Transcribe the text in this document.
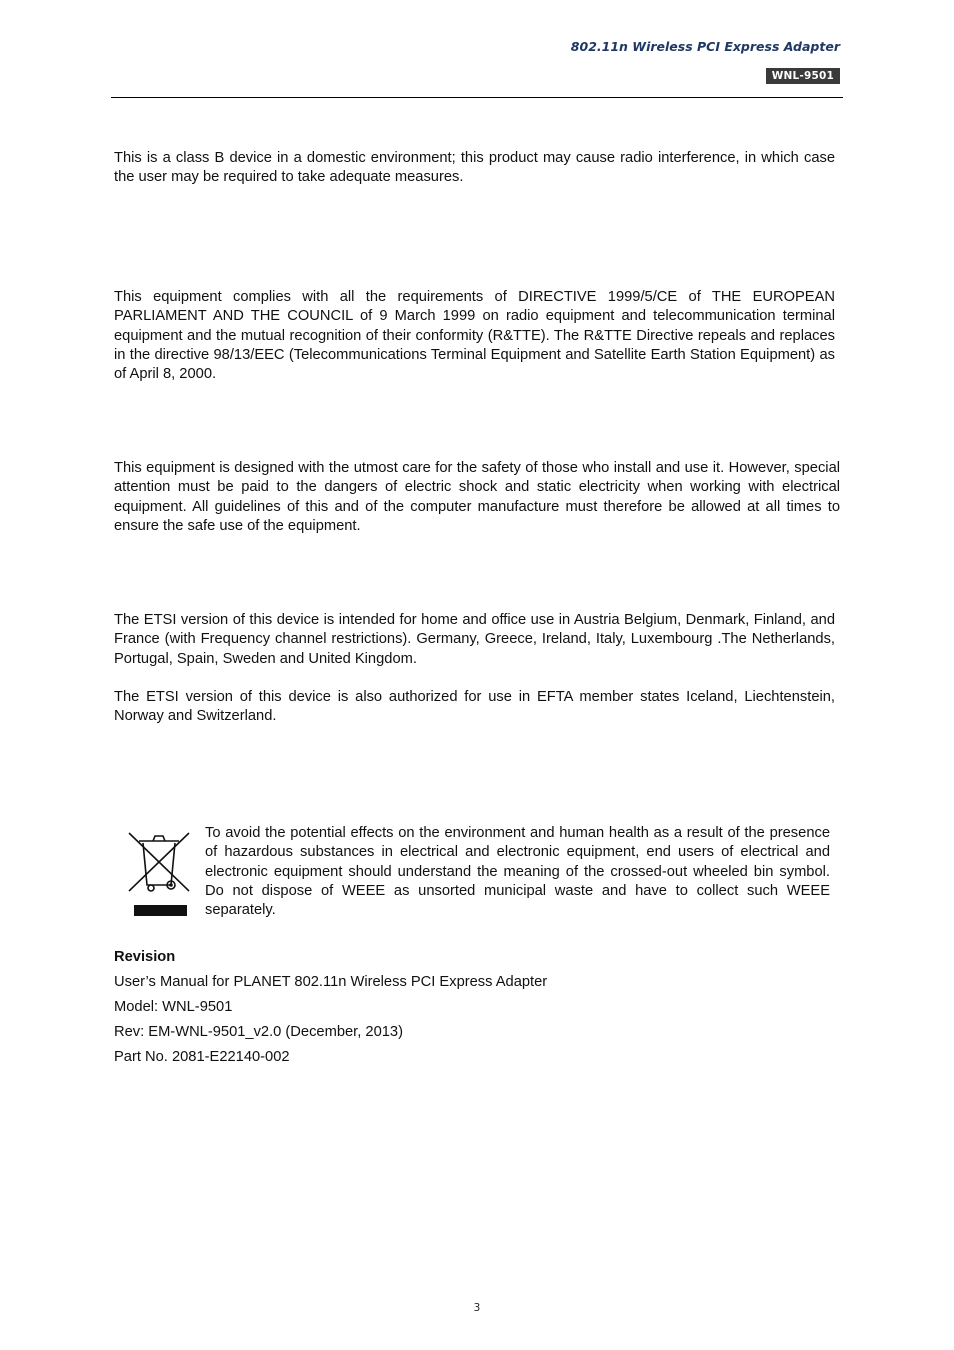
802.11n Wireless PCI Express Adapter
WNL-9501

This is a class B device in a domestic environment; this product may cause radio interference, in which case the user may be required to take adequate measures.

This equipment complies with all the requirements of DIRECTIVE 1999/5/CE of THE EUROPEAN PARLIAMENT AND THE COUNCIL of 9 March 1999 on radio equipment and telecommunication terminal equipment and the mutual recognition of their conformity (R&TTE). The R&TTE Directive repeals and replaces in the directive 98/13/EEC (Telecommunications Terminal Equipment and Satellite Earth Station Equipment) as of April 8, 2000.

This equipment is designed with the utmost care for the safety of those who install and use it. However, special attention must be paid to the dangers of electric shock and static electricity when working with electrical equipment. All guidelines of this and of the computer manufacture must therefore be allowed at all times to ensure the safe use of the equipment.

The ETSI version of this device is intended for home and office use in Austria Belgium, Denmark, Finland, and France (with Frequency channel restrictions). Germany, Greece, Ireland, Italy, Luxembourg .The Netherlands, Portugal, Spain, Sweden and United Kingdom.

The ETSI version of this device is also authorized for use in EFTA member states Iceland, Liechtenstein, Norway and Switzerland.

To avoid the potential effects on the environment and human health as a result of the presence of hazardous substances in electrical and electronic equipment, end users of electrical and electronic equipment should understand the meaning of the crossed-out wheeled bin symbol. Do not dispose of WEEE as unsorted municipal waste and have to collect such WEEE separately.

Revision
User’s Manual for PLANET 802.11n Wireless PCI Express Adapter
Model: WNL-9501
Rev: EM-WNL-9501_v2.0 (December, 2013)
Part No. 2081-E22140-002
3
